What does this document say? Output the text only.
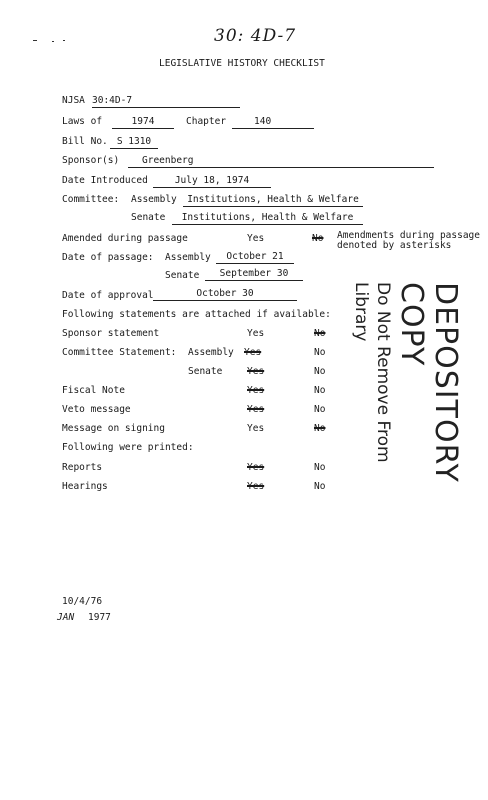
30: 4D-7
LEGISLATIVE HISTORY CHECKLIST
NJSA 30:4D-7
Laws of	1974	Chapter	140
Bill No. S 1310
Sponsor(s)	Greenberg
Date Introduced	July 18, 1974
Committee: Assembly	Institutions, Health & Welfare
Senate	Institutions, Health & Welfare
Amended during passage	Yes	No Amendments during passage denoted by asterisks
Date of passage: Assembly	October 21
Senate	September 30
Date of approval	October 30
Following statements are attached if available:
Sponsor statement	Yes	No
Committee Statement: Assembly Yes	No
Senate	Yes	No
Fiscal Note	Yes	No
Veto message	Yes	No
Message on signing	Yes	No
Following were printed:
Reports	Yes	No
Hearings	Yes	No
10/4/76
JAN 1977
DEPOSITORY COPY
Do Not Remove From Library
